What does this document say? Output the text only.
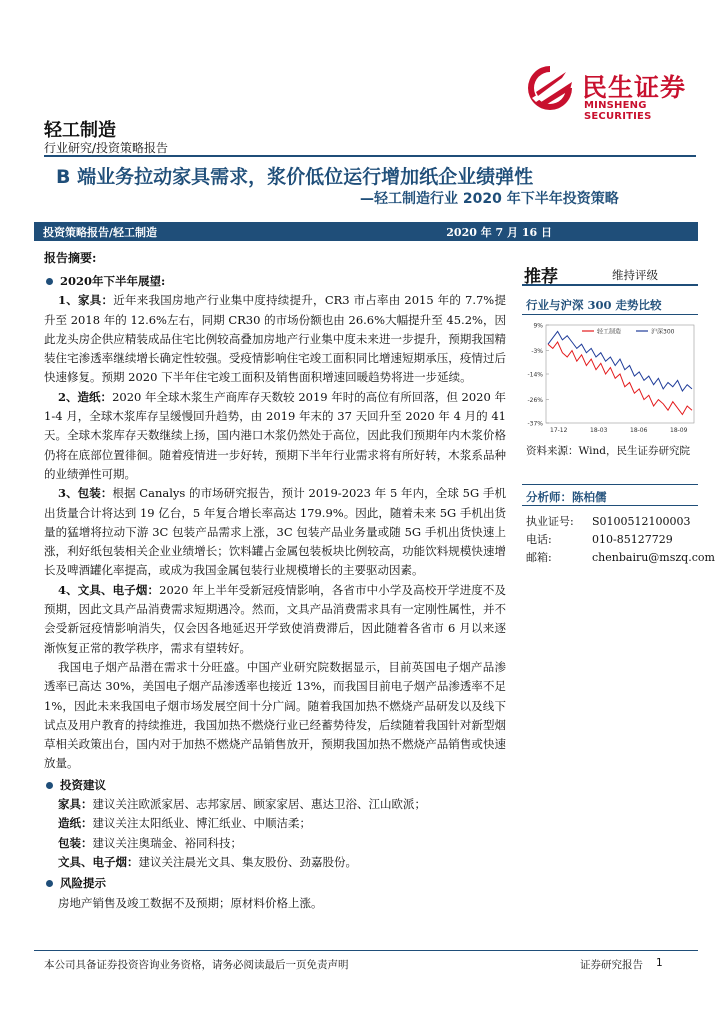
民生证券
MINSHENG SECURITIES
轻工制造
行业研究/投资策略报告
B 端业务拉动家具需求，浆价低位运行增加纸企业绩弹性
—轻工制造行业 2020 年下半年投资策略
投资策略报告/轻工制造	2020 年 7 月 16 日
报告摘要:
2020年下半年展望:

1、家具：近年来我国房地产行业集中度持续提升，CR3 市占率由 2015 年的 7.7%提升至 2018 年的 12.6%左右，同期 CR30 的市场份额也由 26.6%大幅提升至 45.2%，因此龙头房企供应精装成品住宅比例较高叠加房地产行业集中度未来进一步提升，预期我国精装住宅渗透率继续增长确定性较强。受疫情影响住宅竣工面积同比增速短期承压，疫情过后快速修复。预期 2020 下半年住宅竣工面积及销售面积增速回暖趋势将进一步延续。

2、造纸：2020 年全球木浆生产商库存天数较 2019 年时的高位有所回落，但 2020 年 1-4 月，全球木浆库存呈缓慢回升趋势，由 2019 年末的 37 天回升至 2020 年 4 月的 41 天。全球木浆库存天数继续上扬，国内港口木浆仍然处于高位，因此我们预期年内木浆价格仍将在底部位置徘徊。随着疫情进一步好转，预期下半年行业需求将有所好转，木浆系品种的业绩弹性可期。

3、包装：根据 Canalys 的市场研究报告，预计 2019-2023 年 5 年内，全球 5G 手机出货量合计将达到 19 亿台，5 年复合增长率高达 179.9%。因此，随着未来 5G 手机出货量的猛增将拉动下游 3C 包装产品需求上涨，3C 包装产品业务量或随 5G 手机出货快速上涨，利好纸包装相关企业业绩增长；饮料罐占金属包装板块比例较高，功能饮料规模快速增长及啤酒罐化率提高，或成为我国金属包装行业规模增长的主要驱动因素。

4、文具、电子烟：2020 年上半年受新冠疫情影响，各省市中小学及高校开学进度不及预期，因此文具产品消费需求短期遇冷。然而，文具产品消费需求具有一定刚性属性，并不会受新冠疫情影响消失，仅会因各地延迟开学致使消费滞后，因此随着各省市 6 月以来逐渐恢复正常的教学秩序，需求有望转好。

我国电子烟产品潜在需求十分旺盛。中国产业研究院数据显示，目前英国电子烟产品渗透率已高达 30%，美国电子烟产品渗透率也接近 13%，而我国目前电子烟产品渗透率不足 1%，因此未来我国电子烟市场发展空间十分广阔。随着我国加热不燃烧产品研发以及线下试点及用户教育的持续推进，我国加热不燃烧行业已经蓄势待发，后续随着我国针对新型烟草相关政策出台，国内对于加热不燃烧产品销售放开，预期我国加热不燃烧产品销售或快速放量。

投资建议
家具：建议关注欧派家居、志邦家居、顾家家居、惠达卫浴、江山欧派；
造纸：建议关注太阳纸业、博汇纸业、中顺洁柔；
包装：建议关注奥瑞金、裕同科技；
文具、电子烟：建议关注晨光文具、集友股份、劲嘉股份。
风险提示
房地产销售及竣工数据不及预期；原材料价格上涨。
推荐	维持评级
行业与沪深 300 走势比较
9%
-3%
-14%
-26%
-37%
17-12	18-03	18-06	18-09
轻工制造	沪深300
资料来源：Wind，民生证券研究院
分析师：陈柏儒
执业证号: S0100512100003
电话:	010-85127729
邮箱:	chenbairu@mszq.com
本公司具备证券投资咨询业务资格，请务必阅读最后一页免责声明	证券研究报告 1
